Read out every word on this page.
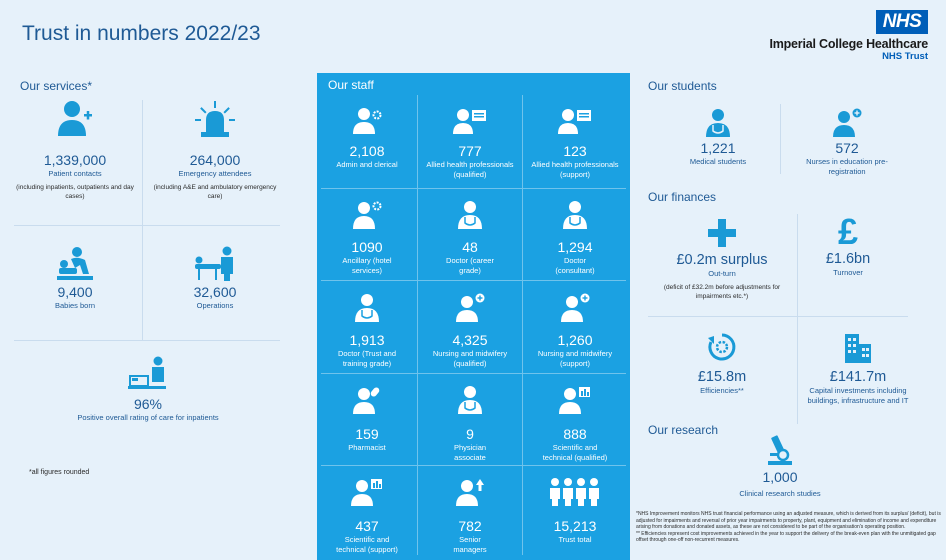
Trust in numbers 2022/23
NHS
Imperial College Healthcare
NHS Trust
Our services*
1,339,000
Patient contacts
(including inpatients, outpatients and day cases)
264,000
Emergency attendees
(including A&E and ambulatory emergency care)
9,400
Babies born
32,600
Operations
96%
Positive overall rating of care for inpatients
*all figures rounded
Our staff
2,108
Admin and clerical
777
Allied health professionals (qualified)
123
Allied health professionals (support)
1090
Ancillary (hotel services)
48
Doctor (career grade)
1,294
Doctor (consultant)
1,913
Doctor (Trust and training grade)
4,325
Nursing and midwifery (qualified)
1,260
Nursing and midwifery (support)
159
Pharmacist
9
Physician associate
888
Scientific and technical (qualified)
437
Scientific and technical (support)
782
Senior managers
15,213
Trust total
Our students
1,221
Medical students
572
Nurses in education pre-registration
Our finances
£0.2m surplus
Out-turn
(deficit of £32.2m before adjustments for impairments etc.*)
£
£1.6bn
Turnover
£15.8m
Efficiencies**
£141.7m
Capital investments including buildings, infrastructure and IT
Our research
1,000
Clinical research studies
*NHS Improvement monitors NHS trust financial performance using an adjusted measure, which is derived from its surplus/ (deficit), but is adjusted for impairments and reversal of prior year impairments to property, plant, equipment and elimination of income and expenditure arising from donations and donated assets, as these are not considered to be part of the organisation's operating position.
** Efficiencies represent cost improvements achieved in the year to support the delivery of the break-even plan with the unmitigated gap offset through one-off non-recurrent measures.
